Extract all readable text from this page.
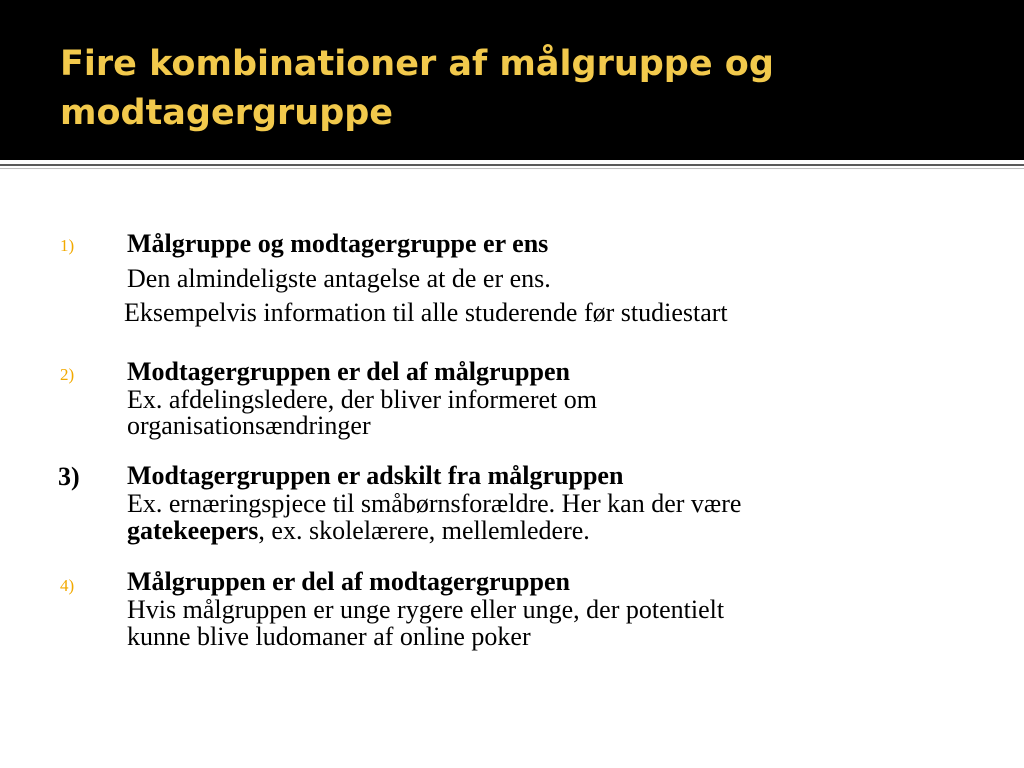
Fire kombinationer af målgruppe og
modtagergruppe
1) Målgruppe og modtagergruppe er ens

Den almindeligste antagelse at de er ens.

Eksempelvis information til alle studerende før studiestart

2) Modtagergruppen er del af målgruppen

Ex. afdelingsledere, der bliver informeret om

organisationsændringer

3) Modtagergruppen er adskilt fra målgruppen

Ex. ernæringspjece til småbørnsforældre. Her kan der være

gatekeepers, ex. skolelærere, mellemledere.

4) Målgruppen er del af modtagergruppen

Hvis målgruppen er unge rygere eller unge, der potentielt

kunne blive ludomaner af online poker
